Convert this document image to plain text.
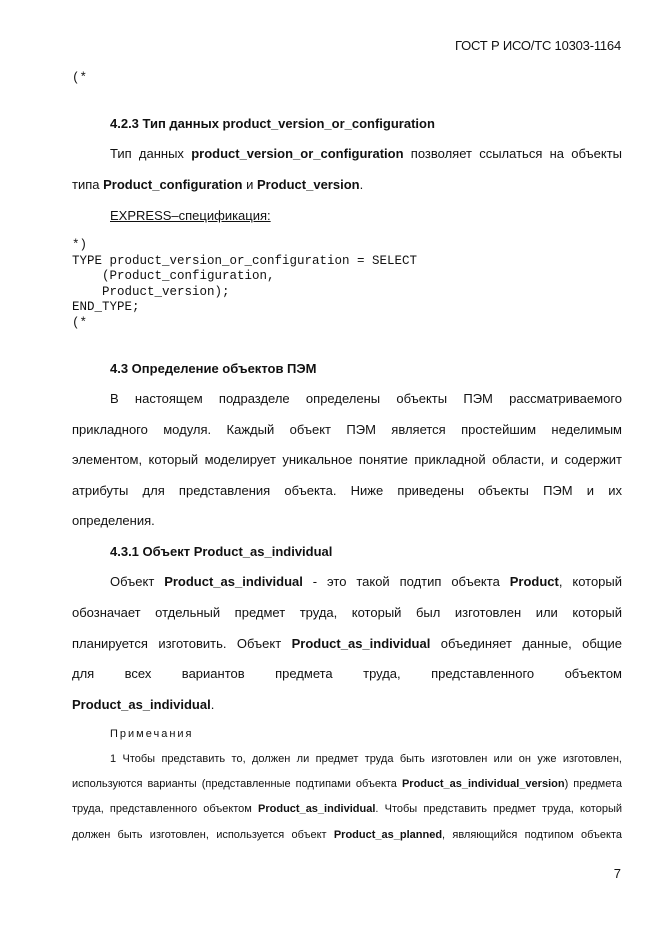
ГОСТ Р ИСО/ТС 10303-1164
(*
4.2.3 Тип данных product_version_or_configuration
Тип данных product_version_or_configuration позволяет ссылаться на объекты
типа Product_configuration и Product_version.
EXPRESS–спецификация:
*)
TYPE product_version_or_configuration = SELECT
(Product_configuration,
Product_version);
END_TYPE;
(*
4.3 Определение объектов ПЭМ
В настоящем подразделе определены объекты ПЭМ рассматриваемого
прикладного модуля. Каждый объект ПЭМ является простейшим неделимым
элементом, который моделирует уникальное понятие прикладной области, и содержит
атрибуты для представления объекта. Ниже приведены объекты ПЭМ и их
определения.
4.3.1 Объект Product_as_individual
Объект Product_as_individual - это такой подтип объекта Product, который
обозначает отдельный предмет труда, который был изготовлен или который
планируется изготовить. Объект Product_as_individual объединяет данные, общие
для всех вариантов предмета труда, представленного объектом
Product_as_individual.
Примечания
1 Чтобы представить то, должен ли предмет труда быть изготовлен или он уже изготовлен,
используются варианты (представленные подтипами объекта Product_as_individual_version) предмета
труда, представленного объектом Product_as_individual. Чтобы представить предмет труда, который
должен быть изготовлен, используется объект Product_as_planned, являющийся подтипом объекта
7
